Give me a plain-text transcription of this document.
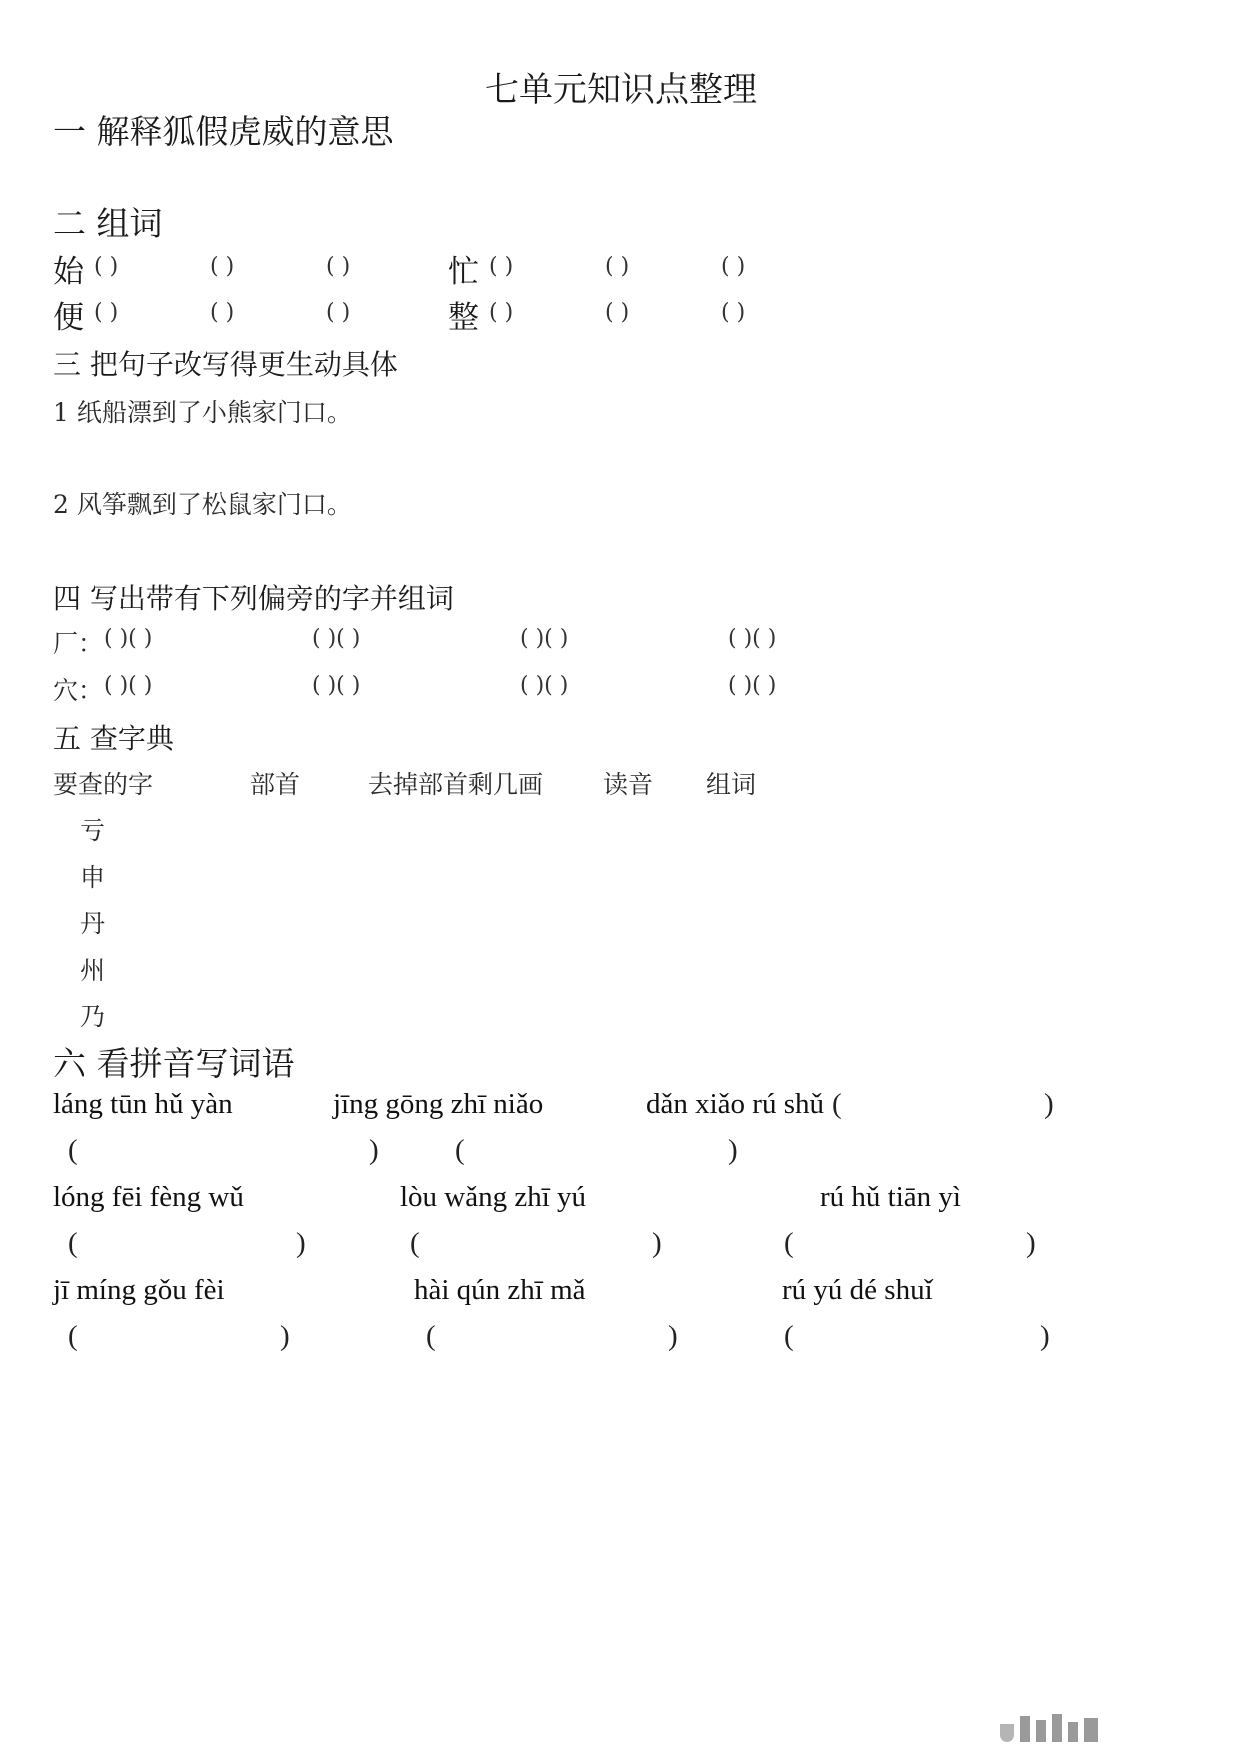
七单元知识点整理
一 解释狐假虎威的意思
二 组词
始 ( )	( )	( )	忙 ( )	( )	( )
便 ( )	( )	( )	整 ( )	( )	( )
三 把句子改写得更生动具体
1 纸船漂到了小熊家门口。
2 风筝飘到了松鼠家门口。
四 写出带有下列偏旁的字并组词
厂： ( )( )	( )( )	( )( )	( )( )
穴： ( )( )	( )( )	( )( )	( )( )
五 查字典
要查的字	部首	去掉部首剩几画 读音 组词
亏
申
丹
州
乃
六 看拼音写词语
láng tūn hǔ yàn	jīng gōng zhī niǎo	dǎn xiǎo rú shǔ (	)
(	)	(	)
lóng fēi fèng wǔ	lòu wǎng zhī yú	rú hǔ tiān yì
(	)	(	)	(	)
jī míng gǒu fèi	hài qún zhī mǎ	rú yú dé shuǐ
(	)	(	)	(	)
